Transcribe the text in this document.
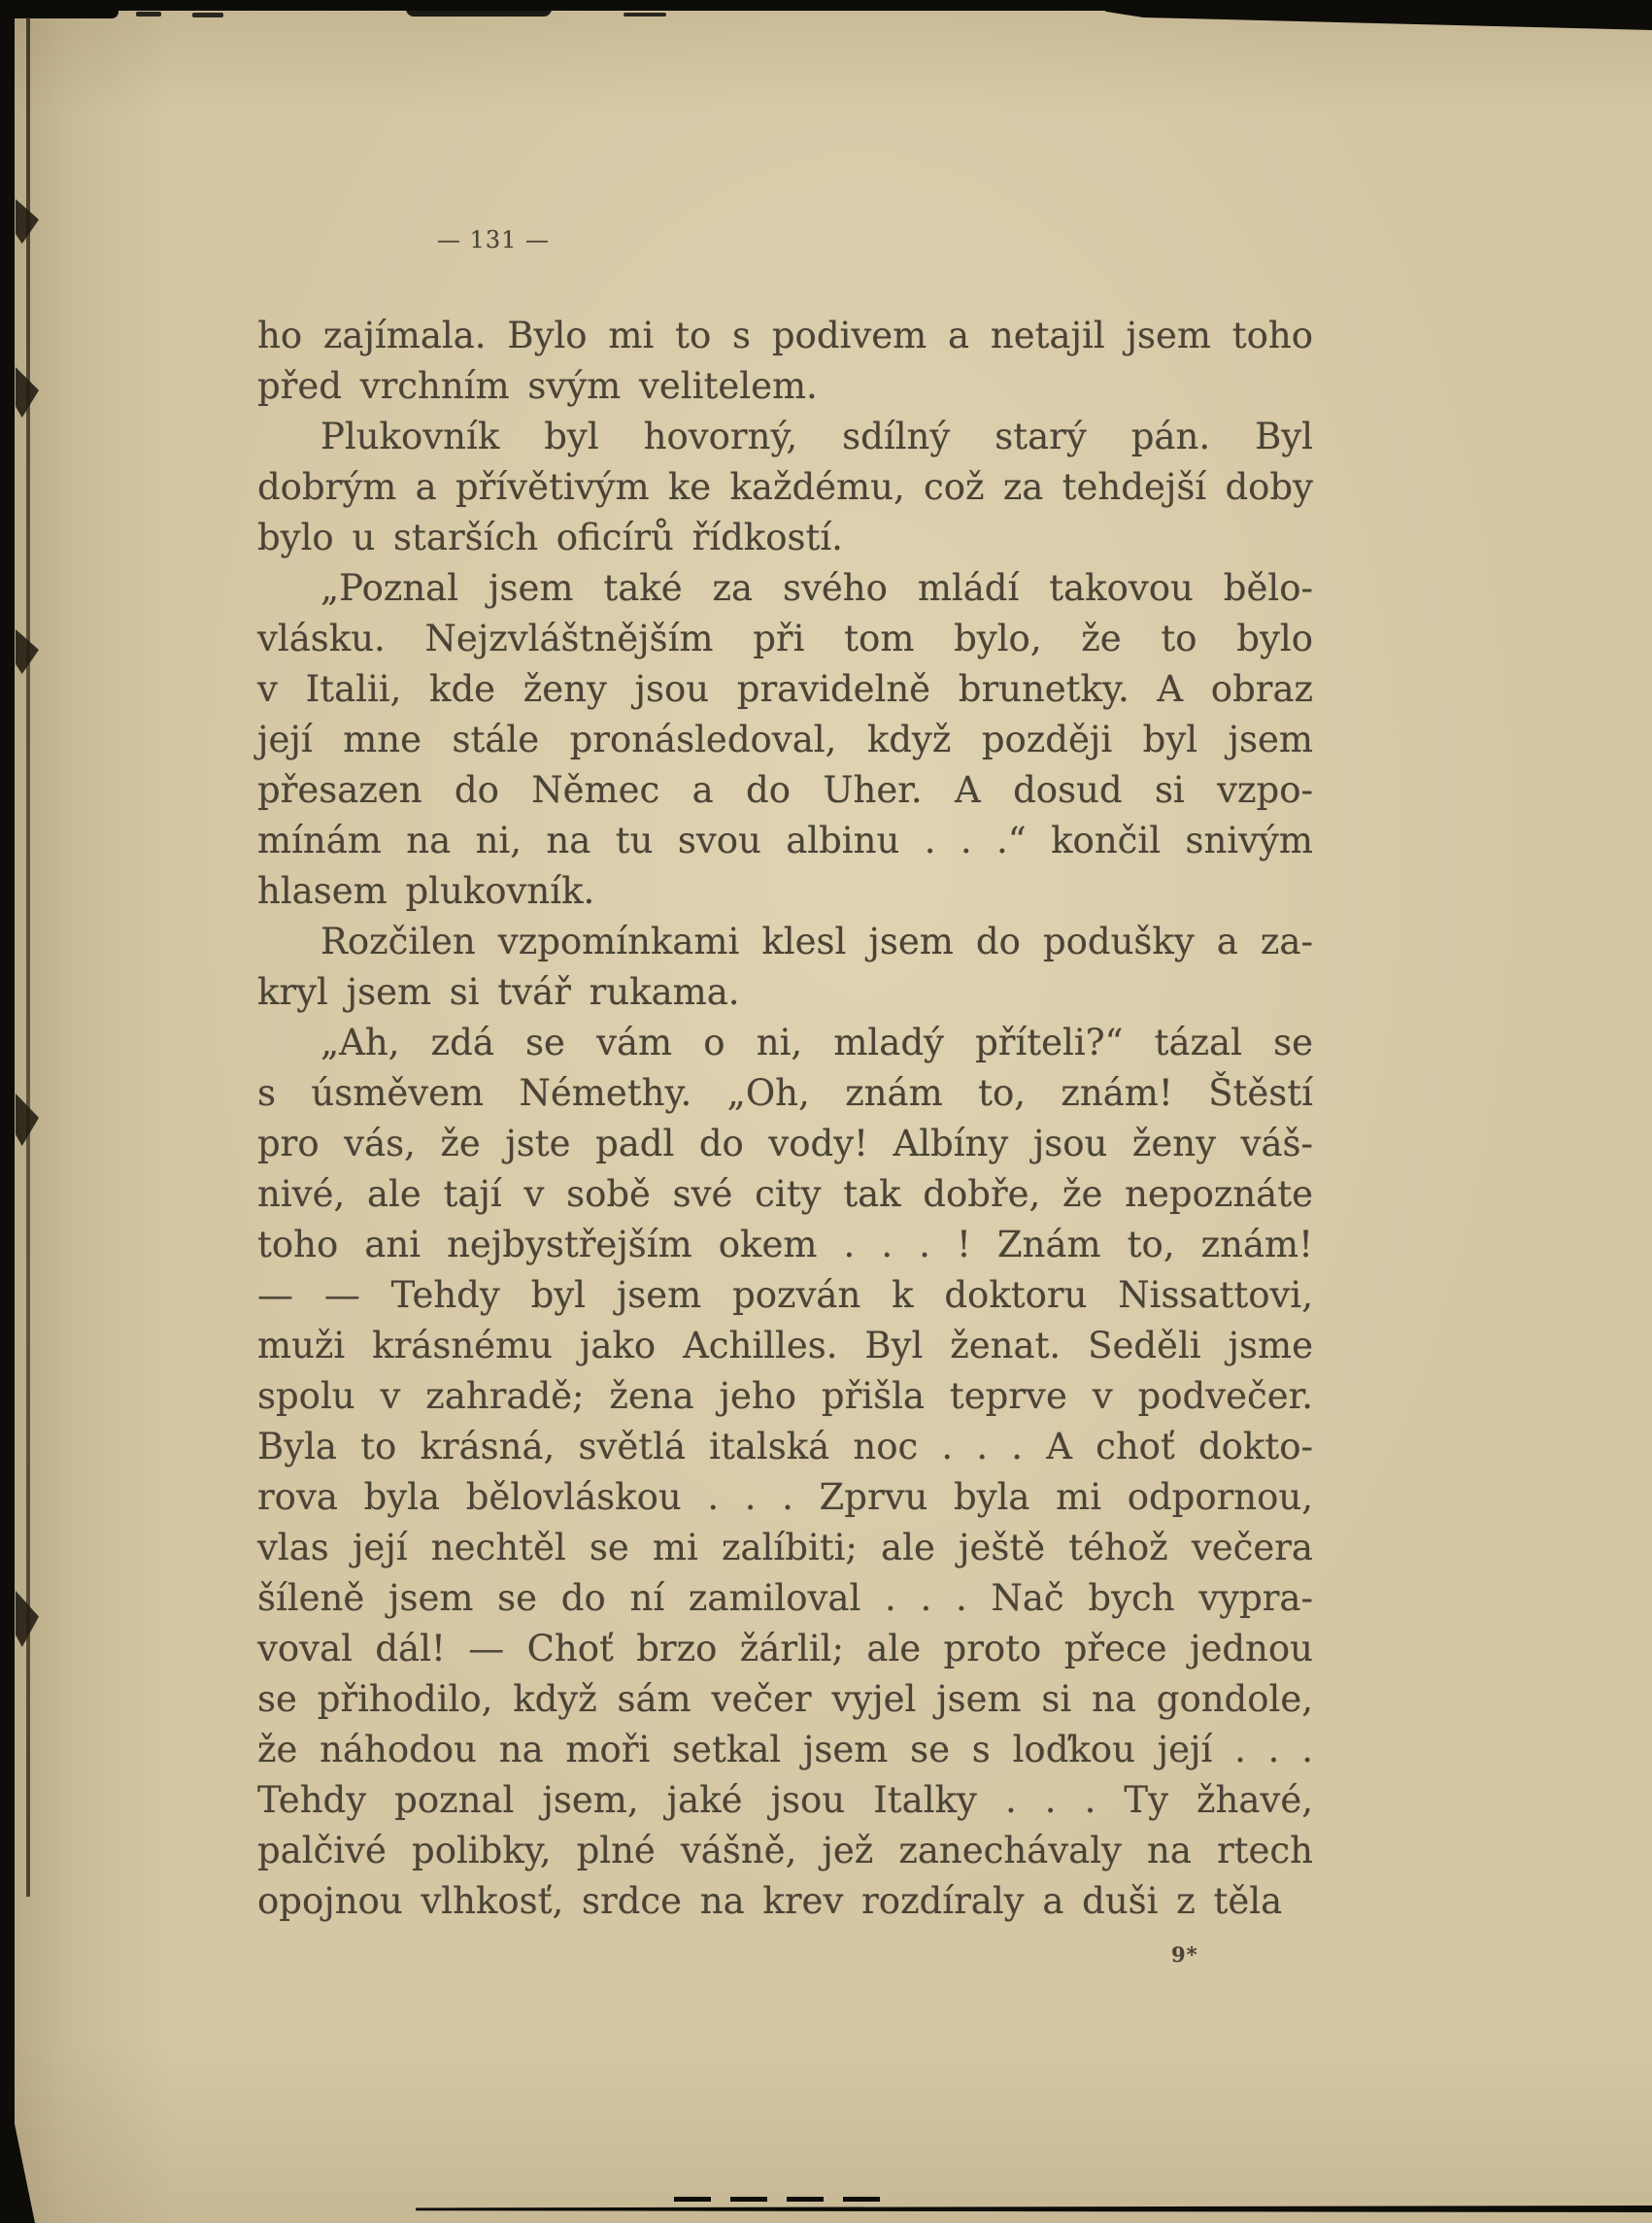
— 131 —
ho zajímala. Bylo mi to s podivem a netajil jsem toho
před vrchním svým velitelem.
Plukovník byl hovorný, sdílný starý pán. Byl
dobrým a přívětivým ke každému, což za tehdejší doby
bylo u starších oficírů řídkostí.
„Poznal jsem také za svého mládí takovou bělo-
vlásku. Nejzvláštnějším při tom bylo, že to bylo
v Italii, kde ženy jsou pravidelně brunetky. A obraz
její mne stále pronásledoval, když později byl jsem
přesazen do Němec a do Uher. A dosud si vzpo-
mínám na ni, na tu svou albinu . . .“ končil snivým
hlasem plukovník.
Rozčilen vzpomínkami klesl jsem do podušky a za-
kryl jsem si tvář rukama.
„Ah, zdá se vám o ni, mladý příteli?“ tázal se
s úsměvem Némethy. „Oh, znám to, znám! Štěstí
pro vás, že jste padl do vody! Albíny jsou ženy váš-
nivé, ale tají v sobě své city tak dobře, že nepoznáte
toho ani nejbystřejším okem . . . ! Znám to, znám!
— — Tehdy byl jsem pozván k doktoru Nissattovi,
muži krásnému jako Achilles. Byl ženat. Seděli jsme
spolu v zahradě; žena jeho přišla teprve v podvečer.
Byla to krásná, světlá italská noc . . . A choť dokto-
rova byla bělovláskou . . . Zprvu byla mi odpornou,
vlas její nechtěl se mi zalíbiti; ale ještě téhož večera
šíleně jsem se do ní zamiloval . . . Nač bych vypra-
voval dál! — Choť brzo žárlil; ale proto přece jednou
se přihodilo, když sám večer vyjel jsem si na gondole,
že náhodou na moři setkal jsem se s loďkou její . . .
Tehdy poznal jsem, jaké jsou Italky . . . Ty žhavé,
palčivé polibky, plné vášně, jež zanechávaly na rtech
opojnou vlhkosť, srdce na krev rozdíraly a duši z těla
9*
